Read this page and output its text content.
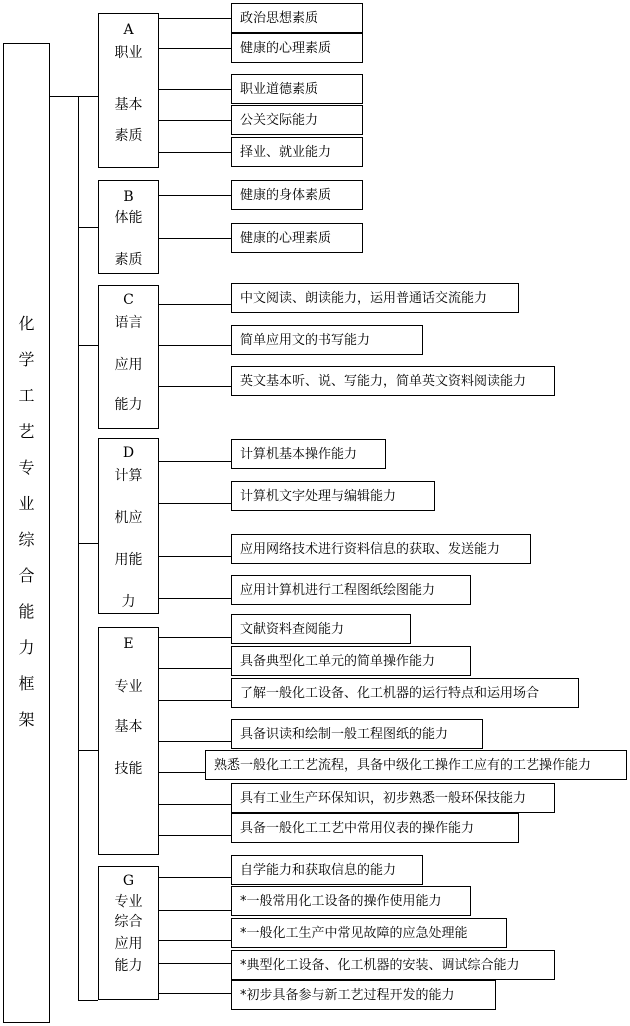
化
学
工
艺
专
业
综
合
能
力
框
架
A
职业
基本
素质
政治思想素质
健康的心理素质
职业道德素质
公关交际能力
择业、就业能力
B
体能
素质
健康的身体素质
健康的心理素质
C
语言
应用
能力
中文阅读、朗读能力，运用普通话交流能力
简单应用文的书写能力
英文基本听、说、写能力，简单英文资料阅读能力
D
计算
机应
用能
力
计算机基本操作能力
计算机文字处理与编辑能力
应用网络技术进行资料信息的获取、发送能力
应用计算机进行工程图纸绘图能力
E
专业
基本
技能
文献资料查阅能力
具备典型化工单元的简单操作能力
了解一般化工设备、化工机器的运行特点和运用场合
具备识读和绘制一般工程图纸的能力
熟悉一般化工工艺流程，具备中级化工操作工应有的工艺操作能力
具有工业生产环保知识，初步熟悉一般环保技能力
具备一般化工工艺中常用仪表的操作能力
G
专业
综合
应用
能力
自学能力和获取信息的能力
*一般常用化工设备的操作使用能力
*一般化工生产中常见故障的应急处理能
*典型化工设备、化工机器的安装、调试综合能力
*初步具备参与新工艺过程开发的能力
